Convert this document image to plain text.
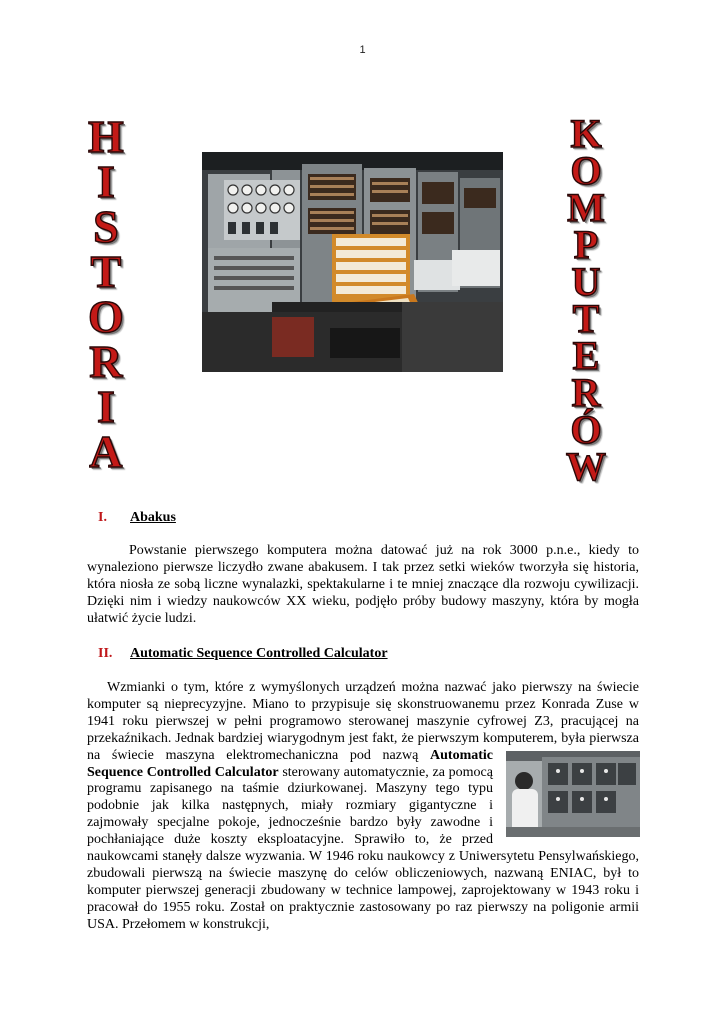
1
H
I
S
T
O
R
I
A
K
O
M
P
U
T
E
R
Ó
W
I. Abakus

Powstanie pierwszego komputera można datować już na rok 3000 p.n.e., kiedy to wynaleziono pierwsze liczydło zwane abakusem. I tak przez setki wieków tworzyła się historia, która niosła ze sobą liczne wynalazki, spektakularne i te mniej znaczące dla rozwoju cywilizacji. Dzięki nim i wiedzy naukowców XX wieku, podjęło próby budowy maszyny, która by mogła ułatwić życie ludzi.

II. Automatic Sequence Controlled Calculator

Wzmianki o tym, które z wymyślonych urządzeń można nazwać jako pierwszy na świecie komputer są nieprecyzyjne. Miano to przypisuje się skonstruowanemu przez Konrada Zuse w 1941 roku pierwszej w pełni programowo sterowanej maszynie cyfrowej Z3, pracującej na przekaźnikach. Jednak bardziej wiarygodnym jest fakt, że pierwszym komputerem, była pierwsza na świecie maszyna elektromechaniczna pod nazwą Automatic Sequence Controlled Calculator sterowany automatycznie, za pomocą programu zapisanego na taśmie dziurkowanej. Maszyny tego typu podobnie jak kilka następnych, miały rozmiary gigantyczne i zajmowały specjalne pokoje, jednocześnie bardzo były zawodne i pochłaniające duże koszty eksploatacyjne. Sprawiło to, że przed naukowcami stanęły dalsze wyzwania. W 1946 roku naukowcy z Uniwersytetu Pensylwańskiego, zbudowali pierwszą na świecie maszynę do celów obliczeniowych, nazwaną ENIAC, był to komputer pierwszej generacji zbudowany w technice lampowej, zaprojektowany w 1943 roku i pracował do 1955 roku. Został on praktycznie zastosowany po raz pierwszy na poligonie armii USA. Przełomem w konstrukcji,
